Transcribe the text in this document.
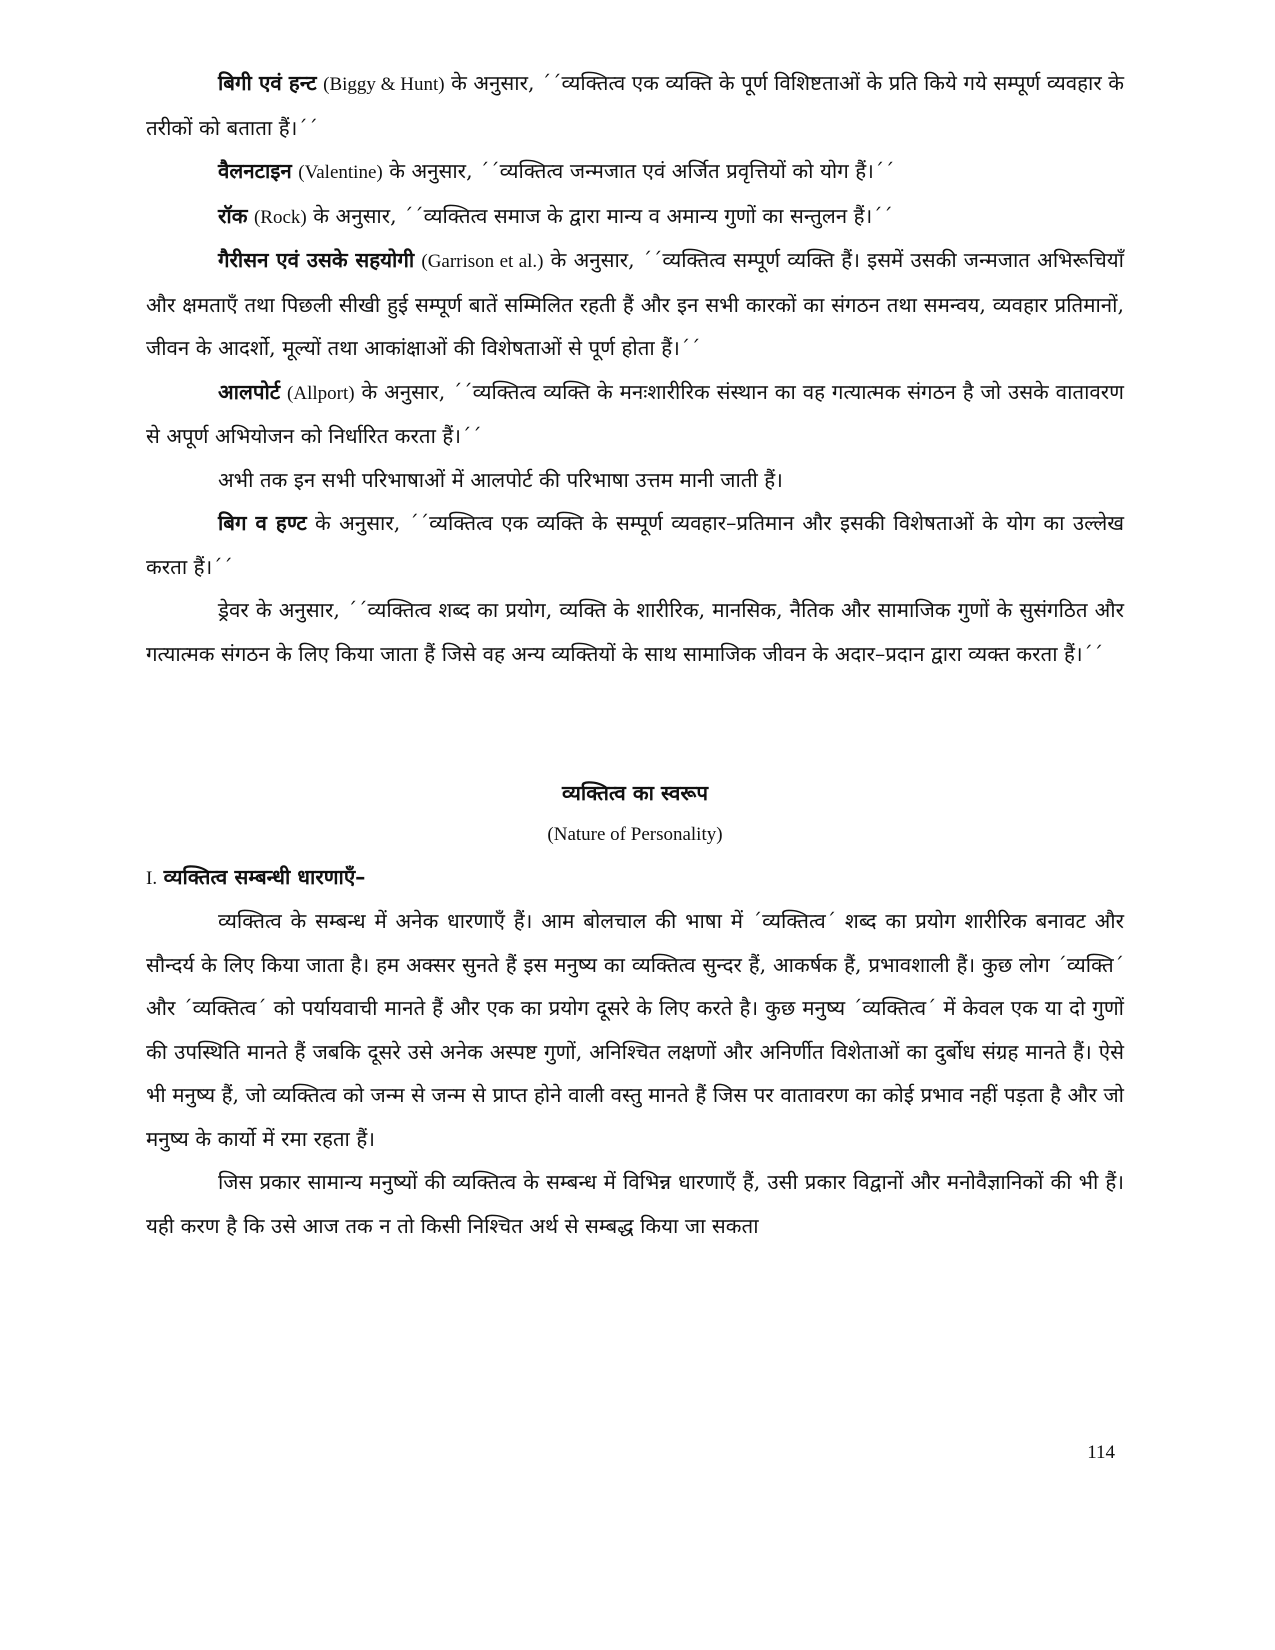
बिगी एवं हन्ट (Biggy & Hunt) के अनुसार, ´´व्यक्तित्व एक व्यक्ति के पूर्ण विशिष्टताओं के प्रति किये गये सम्पूर्ण व्यवहार के तरीकों को बताता हैं।´´

वैलनटाइन (Valentine) के अनुसार, ´´व्यक्तित्व जन्मजात एवं अर्जित प्रवृत्तियों को योग हैं।´´

रॉक (Rock) के अनुसार, ´´व्यक्तित्व समाज के द्वारा मान्य व अमान्य गुणों का सन्तुलन हैं।´´

गैरीसन एवं उसके सहयोगी (Garrison et al.) के अनुसार, ´´व्यक्तित्व सम्पूर्ण व्यक्ति हैं। इसमें उसकी जन्मजात अभिरूचियाँ और क्षमताएँ तथा पिछली सीखी हुई सम्पूर्ण बातें सम्मिलित रहती हैं और इन सभी कारकों का संगठन तथा समन्वय, व्यवहार प्रतिमानों, जीवन के आदर्शो, मूल्यों तथा आकांक्षाओं की विशेषताओं से पूर्ण होता हैं।´´

आलपोर्ट (Allport) के अनुसार, ´´व्यक्तित्व व्यक्ति के मनःशारीरिक संस्थान का वह गत्यात्मक संगठन है जो उसके वातावरण से अपूर्ण अभियोजन को निर्धारित करता हैं।´´

अभी तक इन सभी परिभाषाओं में आलपोर्ट की परिभाषा उत्तम मानी जाती हैं।

बिग व हण्ट के अनुसार, ´´व्यक्तित्व एक व्यक्ति के सम्पूर्ण व्यवहार–प्रतिमान और इसकी विशेषताओं के योग का उल्लेख करता हैं।´´

ड्रेवर के अनुसार, ´´व्यक्तित्व शब्द का प्रयोग, व्यक्ति के शारीरिक, मानसिक, नैतिक और सामाजिक गुणों के सुसंगठित और गत्यात्मक संगठन के लिए किया जाता हैं जिसे वह अन्य व्यक्तियों के साथ सामाजिक जीवन के अदार–प्रदान द्वारा व्यक्त करता हैं।´´

व्यक्तित्व का स्वरूप

(Nature of Personality)

I. व्यक्तित्व सम्बन्धी धारणाएँ–

व्यक्तित्व के सम्बन्ध में अनेक धारणाएँ हैं। आम बोलचाल की भाषा में ´व्यक्तित्व´ शब्द का प्रयोग शारीरिक बनावट और सौन्दर्य के लिए किया जाता है। हम अक्सर सुनते हैं इस मनुष्य का व्यक्तित्व सुन्दर हैं, आकर्षक हैं, प्रभावशाली हैं। कुछ लोग ´व्यक्ति´ और ´व्यक्तित्व´ को पर्यायवाची मानते हैं और एक का प्रयोग दूसरे के लिए करते है। कुछ मनुष्य ´व्यक्तित्व´ में केवल एक या दो गुणों की उपस्थिति मानते हैं जबकि दूसरे उसे अनेक अस्पष्ट गुणों, अनिश्चित लक्षणों और अनिर्णीत विशेताओं का दुर्बोध संग्रह मानते हैं। ऐसे भी मनुष्य हैं, जो व्यक्तित्व को जन्म से जन्म से प्राप्त होने वाली वस्तु मानते हैं जिस पर वातावरण का कोई प्रभाव नहीं पड़ता है और जो मनुष्य के कार्यो में रमा रहता हैं।

जिस प्रकार सामान्य मनुष्यों की व्यक्तित्व के सम्बन्ध में विभिन्न धारणाएँ हैं, उसी प्रकार विद्वानों और मनोवैज्ञानिकों की भी हैं। यही करण है कि उसे आज तक न तो किसी निश्चित अर्थ से सम्बद्ध किया जा सकता

114
